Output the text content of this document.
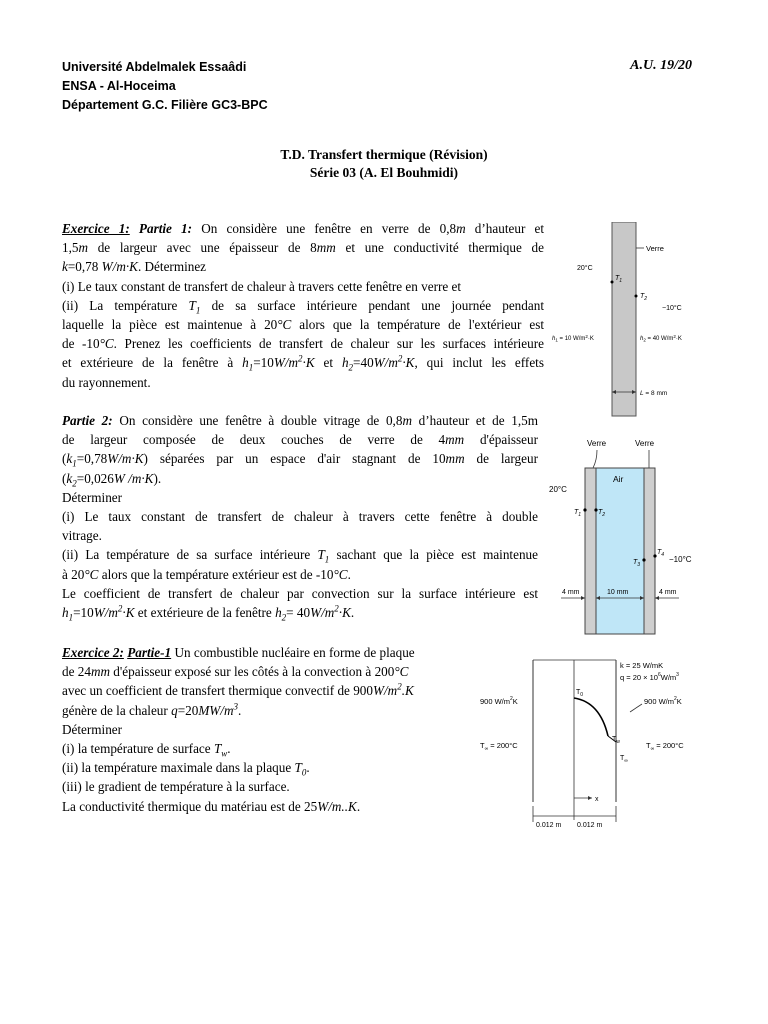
Université Abdelmalek Essaâdi
ENSA - Al-Hoceima
Département G.C. Filière GC3-BPC
A.U. 19/20
T.D. Transfert thermique (Révision)
Série 03 (A. El Bouhmidi)
Exercice 1: Partie 1: On considère une fenêtre en verre de 0,8m d’hauteur et
1,5m de largeur avec une épaisseur de 8mm et une conductivité thermique de
k=0,78 W/m·K. Déterminez
(i) Le taux constant de transfert de chaleur à travers cette fenêtre en verre et
(ii) La température $T_1$ de sa surface intérieure pendant une journée pendant
laquelle la pièce est maintenue à 20°C alors que la température de l'extérieur est
de -10°C. Prenez les coefficients de transfert de chaleur sur les surfaces intérieure
et extérieure de la fenêtre à $h_1=10W/m^2\cdot K$ et $h_2=40W/m^2\cdot K$, qui inclut les effets
du rayonnement.
Partie 2: On considère une fenêtre à double vitrage de 0,8m d’hauteur et de 1,5m
de largeur composée de deux couches de verre de 4mm d'épaisseur
$(k_1=0,78W/m\cdot K)$ séparées par un espace d'air stagnant de 10mm de largeur
($k_2=0,026W$ /m·K).
Déterminer
(i) Le taux constant de transfert de chaleur à travers cette fenêtre à double
vitrage.
(ii) La température de sa surface intérieure $T_1$ sachant que la pièce est maintenue
à 20°C alors que la température extérieur est de -10°C.
Le coefficient de transfert de chaleur par convection sur la surface intérieure est
$h_1=10W/m^2\cdot K$ et extérieure de la fenêtre $h_2= 40W/m^2\cdot K$.
Exercice 2: Partie-1 Un combustible nucléaire en forme de plaque
de 24mm d'épaisseur exposé sur les côtés à la convection à 200°C
avec un coefficient de transfert thermique convectif de $900W/m^2.K$
génère de la chaleur $q=20MW/m^3$.
Déterminer
(i) la température de surface $T_w$.
(ii) la température maximale dans la plaque $T_0$.
(iii) le gradient de température à la surface.
La conductivité thermique du matériau est de 25W/m..K.
Verre
20°C
$T_1$
$T_2$
−10°C
$h_1 = 10$ $W/m^2\cdot K$	$h_2 = 40$ $W/m^2\cdot K$
L = 8 mm
Verre	Verre
Air
20°C
$T_1$ $T_2$
$T_3$
$T_4 -10^\circ C$
4 mm	10 mm	4 mm
$T_0$
$T_w$
$T_\infty$
k = 25 W/mK
$q = 20 \times 10^6W/m^3$
900 $W/m^2K$	900 $W/m^2K$
$T_\infty = 200^\circ C$	$T_\infty = 200^\circ C$
x
0.012 m 0.012 m
